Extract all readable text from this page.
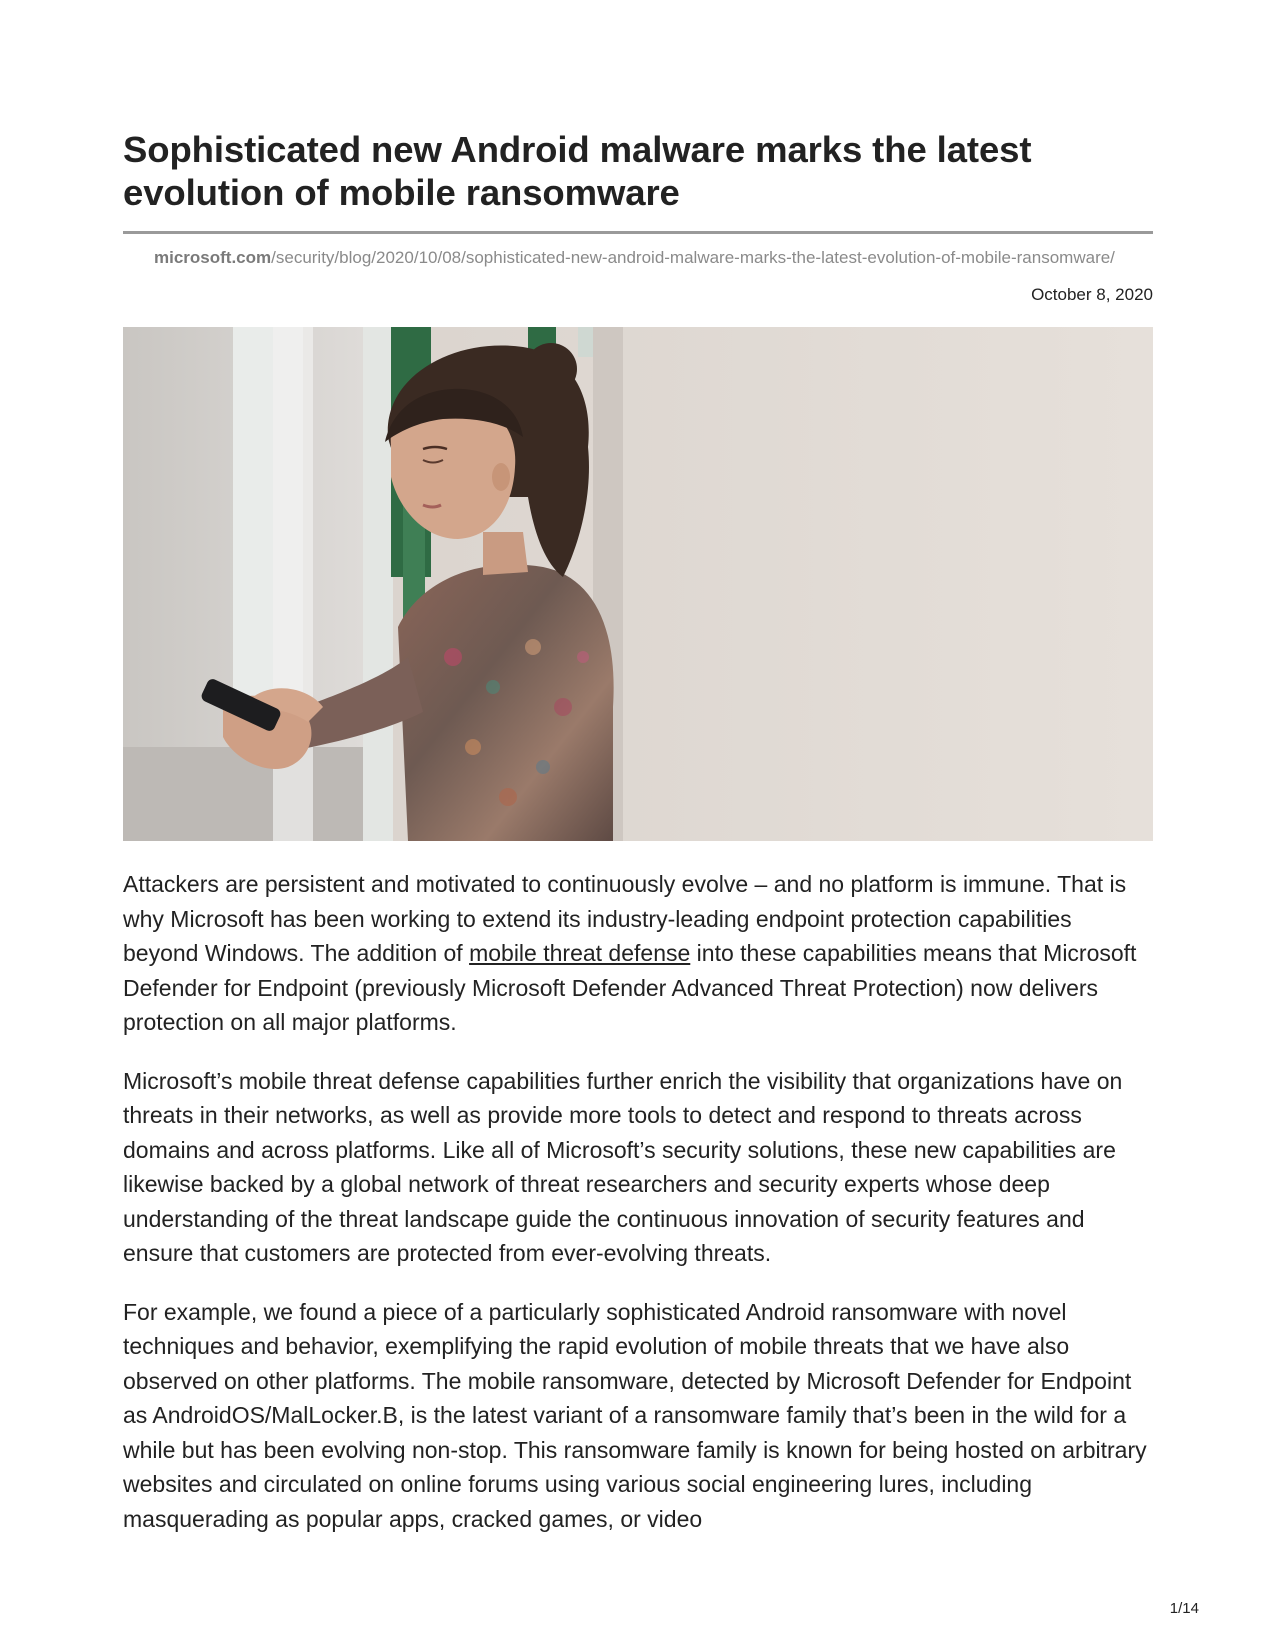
Sophisticated new Android malware marks the latest evolution of mobile ransomware
microsoft.com/security/blog/2020/10/08/sophisticated-new-android-malware-marks-the-latest-evolution-of-mobile-ransomware/
October 8, 2020

Attackers are persistent and motivated to continuously evolve – and no platform is immune. That is why Microsoft has been working to extend its industry-leading endpoint protection capabilities beyond Windows. The addition of mobile threat defense into these capabilities means that Microsoft Defender for Endpoint (previously Microsoft Defender Advanced Threat Protection) now delivers protection on all major platforms.

Microsoft’s mobile threat defense capabilities further enrich the visibility that organizations have on threats in their networks, as well as provide more tools to detect and respond to threats across domains and across platforms. Like all of Microsoft’s security solutions, these new capabilities are likewise backed by a global network of threat researchers and security experts whose deep understanding of the threat landscape guide the continuous innovation of security features and ensure that customers are protected from ever-evolving threats.

For example, we found a piece of a particularly sophisticated Android ransomware with novel techniques and behavior, exemplifying the rapid evolution of mobile threats that we have also observed on other platforms. The mobile ransomware, detected by Microsoft Defender for Endpoint as AndroidOS/MalLocker.B, is the latest variant of a ransomware family that’s been in the wild for a while but has been evolving non-stop. This ransomware family is known for being hosted on arbitrary websites and circulated on online forums using various social engineering lures, including masquerading as popular apps, cracked games, or video

1/14
